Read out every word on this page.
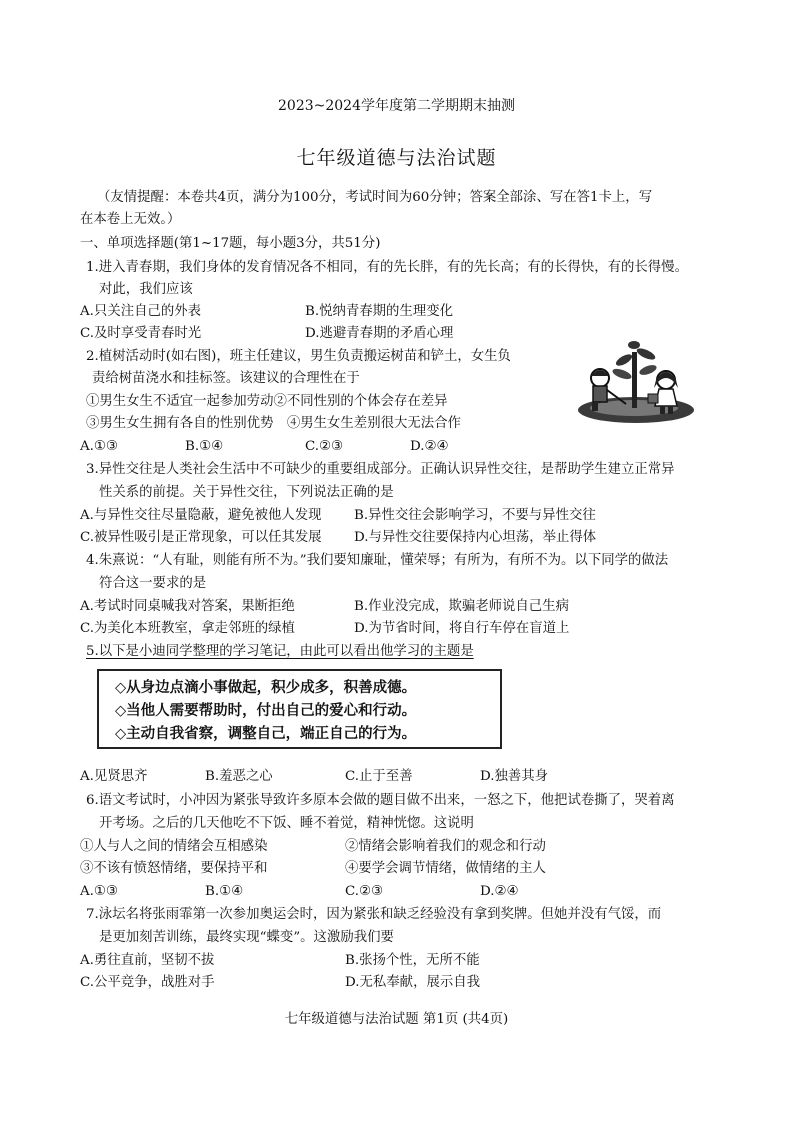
2023~2024学年度第二学期期末抽测
七年级道德与法治试题
（友情提醒：本卷共4页，满分为100分，考试时间为60分钟；答案全部涂、写在答1卡上，写
在本卷上无效。）
一、单项选择题(第1~17题，每小题3分，共51分)
1.进入青春期，我们身体的发育情况各不相同，有的先长胖，有的先长高；有的长得快，有的长得慢。
对此，我们应该
A.只关注自己的外表	B.悦纳青春期的生理变化
C.及时享受青春时光	D.逃避青春期的矛盾心理
2.植树活动时(如右图)，班主任建议，男生负责搬运树苗和铲土，女生负
责给树苗浇水和挂标签。该建议的合理性在于
①男生女生不适宜一起参加劳动②不同性别的个体会存在差异
③男生女生拥有各自的性别优势　④男生女生差别很大无法合作
A.①③	B.①④	C.②③	D.②④
3.异性交往是人类社会生活中不可缺少的重要组成部分。正确认识异性交往，是帮助学生建立正常异
性关系的前提。关于异性交往，下列说法正确的是
A.与异性交往尽量隐蔽，避免被他人发现 B.异性交往会影响学习，不要与异性交往
C.被异性吸引是正常现象，可以任其发展 D.与异性交往要保持内心坦荡，举止得体
4.朱熹说：“人有耻，则能有所不为。”我们要知廉耻，懂荣辱；有所为，有所不为。以下同学的做法
符合这一要求的是
A.考试时同桌喊我对答案，果断拒绝	B.作业没完成，欺骗老师说自己生病
C.为美化本班教室，拿走邻班的绿植	D.为节省时间，将自行车停在盲道上
5.以下是小迪同学整理的学习笔记，由此可以看出他学习的主题是
◇从身边点滴小事做起，积少成多，积善成德。
◇当他人需要帮助时，付出自己的爱心和行动。
◇主动自我省察，调整自己，端正自己的行为。
A.见贤思齐	B.羞恶之心	C.止于至善	D.独善其身
6.语文考试时，小冲因为紧张导致许多原本会做的题目做不出来，一怒之下，他把试卷撕了，哭着离
开考场。之后的几天他吃不下饭、睡不着觉，精神恍惚。这说明
①人与人之间的情绪会互相感染	②情绪会影响着我们的观念和行动
③不该有愤怒情绪，要保持平和	④要学会调节情绪，做情绪的主人
A.①③	B.①④	C.②③	D.②④
7.泳坛名将张雨霏第一次参加奥运会时，因为紧张和缺乏经验没有拿到奖牌。但她并没有气馁，而
是更加刻苦训练，最终实现“蝶变”。这激励我们要
A.勇往直前，坚韧不拔	B.张扬个性，无所不能
C.公平竞争，战胜对手	D.无私奉献，展示自我
七年级道德与法治试题 第1页 (共4页)
